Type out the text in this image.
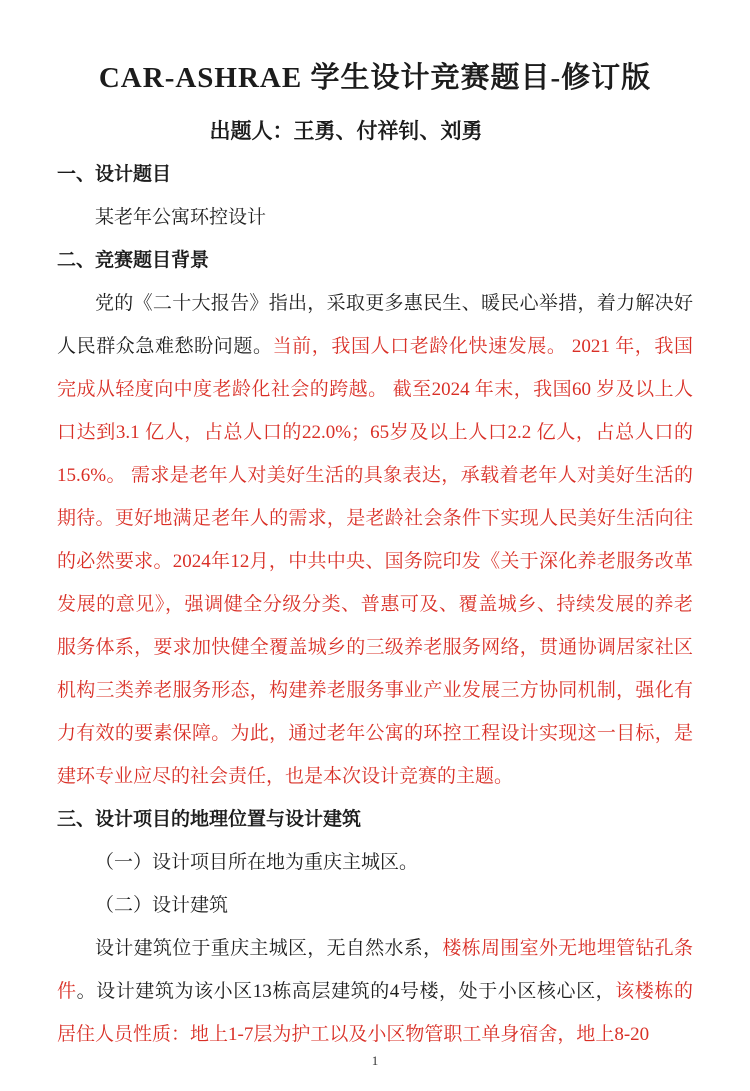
CAR-ASHRAE 学生设计竞赛题目-修订版

出题人：王勇、付祥钊、刘勇

一、设计题目

某老年公寓环控设计

二、竞赛题目背景

党的《二十大报告》指出，采取更多惠民生、暖民心举措，着力解决好人民群众急难愁盼问题。当前，我国人口老龄化快速发展。 2021 年，我国完成从轻度向中度老龄化社会的跨越。 截至2024 年末，我国60 岁及以上人口达到3.1 亿人，占总人口的22.0%；65岁及以上人口2.2 亿人，占总人口的15.6%。 需求是老年人对美好生活的具象表达，承载着老年人对美好生活的期待。更好地满足老年人的需求，是老龄社会条件下实现人民美好生活向往的必然要求。2024年12月，中共中央、国务院印发《关于深化养老服务改革发展的意见》，强调健全分级分类、普惠可及、覆盖城乡、持续发展的养老服务体系，要求加快健全覆盖城乡的三级养老服务网络，贯通协调居家社区机构三类养老服务形态，构建养老服务事业产业发展三方协同机制，强化有力有效的要素保障。为此，通过老年公寓的环控工程设计实现这一目标，是建环专业应尽的社会责任，也是本次设计竞赛的主题。

三、设计项目的地理位置与设计建筑

（一）设计项目所在地为重庆主城区。

（二）设计建筑

设计建筑位于重庆主城区，无自然水系，楼栋周围室外无地埋管钻孔条件。设计建筑为该小区13栋高层建筑的4号楼，处于小区核心区，该楼栋的居住人员性质：地上1-7层为护工以及小区物管职工单身宿舍，地上8-20

1
